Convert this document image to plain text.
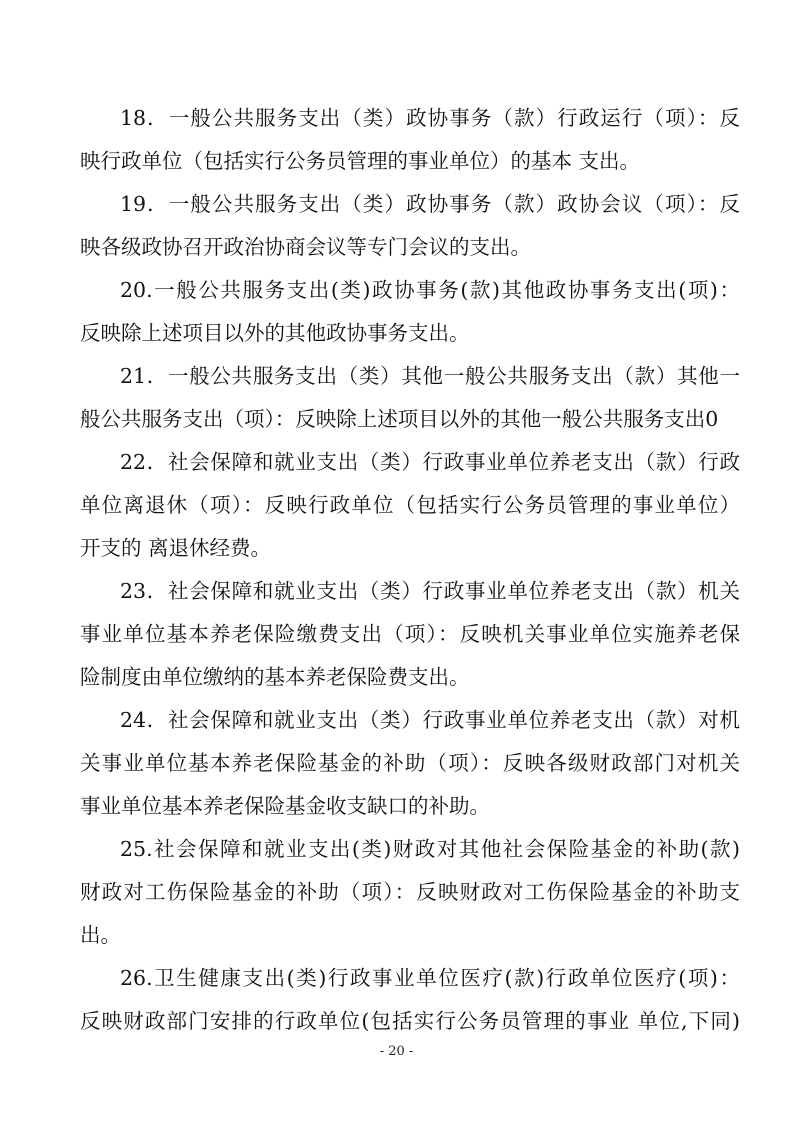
18．一般公共服务支出（类）政协事务（款）行政运行（项）：反
映行政单位（包括实行公务员管理的事业单位）的基本 支出。
19．一般公共服务支出（类）政协事务（款）政协会议（项）：反
映各级政协召开政治协商会议等专门会议的支出。
20.一般公共服务支出(类)政协事务(款)其他政协事务支出(项)：
反映除上述项目以外的其他政协事务支出。
21．一般公共服务支出（类）其他一般公共服务支出（款）其他一
般公共服务支出（项）：反映除上述项目以外的其他一般公共服务支出0
22．社会保障和就业支出（类）行政事业单位养老支出（款）行政
单位离退休（项）：反映行政单位（包括实行公务员管理的事业单位）
开支的 离退休经费。
23．社会保障和就业支出（类）行政事业单位养老支出（款）机关
事业单位基本养老保险缴费支出（项）：反映机关事业单位实施养老保
险制度由单位缴纳的基本养老保险费支出。
24．社会保障和就业支出（类）行政事业单位养老支出（款）对机
关事业单位基本养老保险基金的补助（项）：反映各级财政部门对机关
事业单位基本养老保险基金收支缺口的补助。
25.社会保障和就业支出(类)财政对其他社会保险基金的补助(款)
财政对工伤保险基金的补助（项）：反映财政对工伤保险基金的补助支
出。
26.卫生健康支出(类)行政事业单位医疗(款)行政单位医疗(项)：
反映财政部门安排的行政单位(包括实行公务员管理的事业 单位,下同)
- 20 -
